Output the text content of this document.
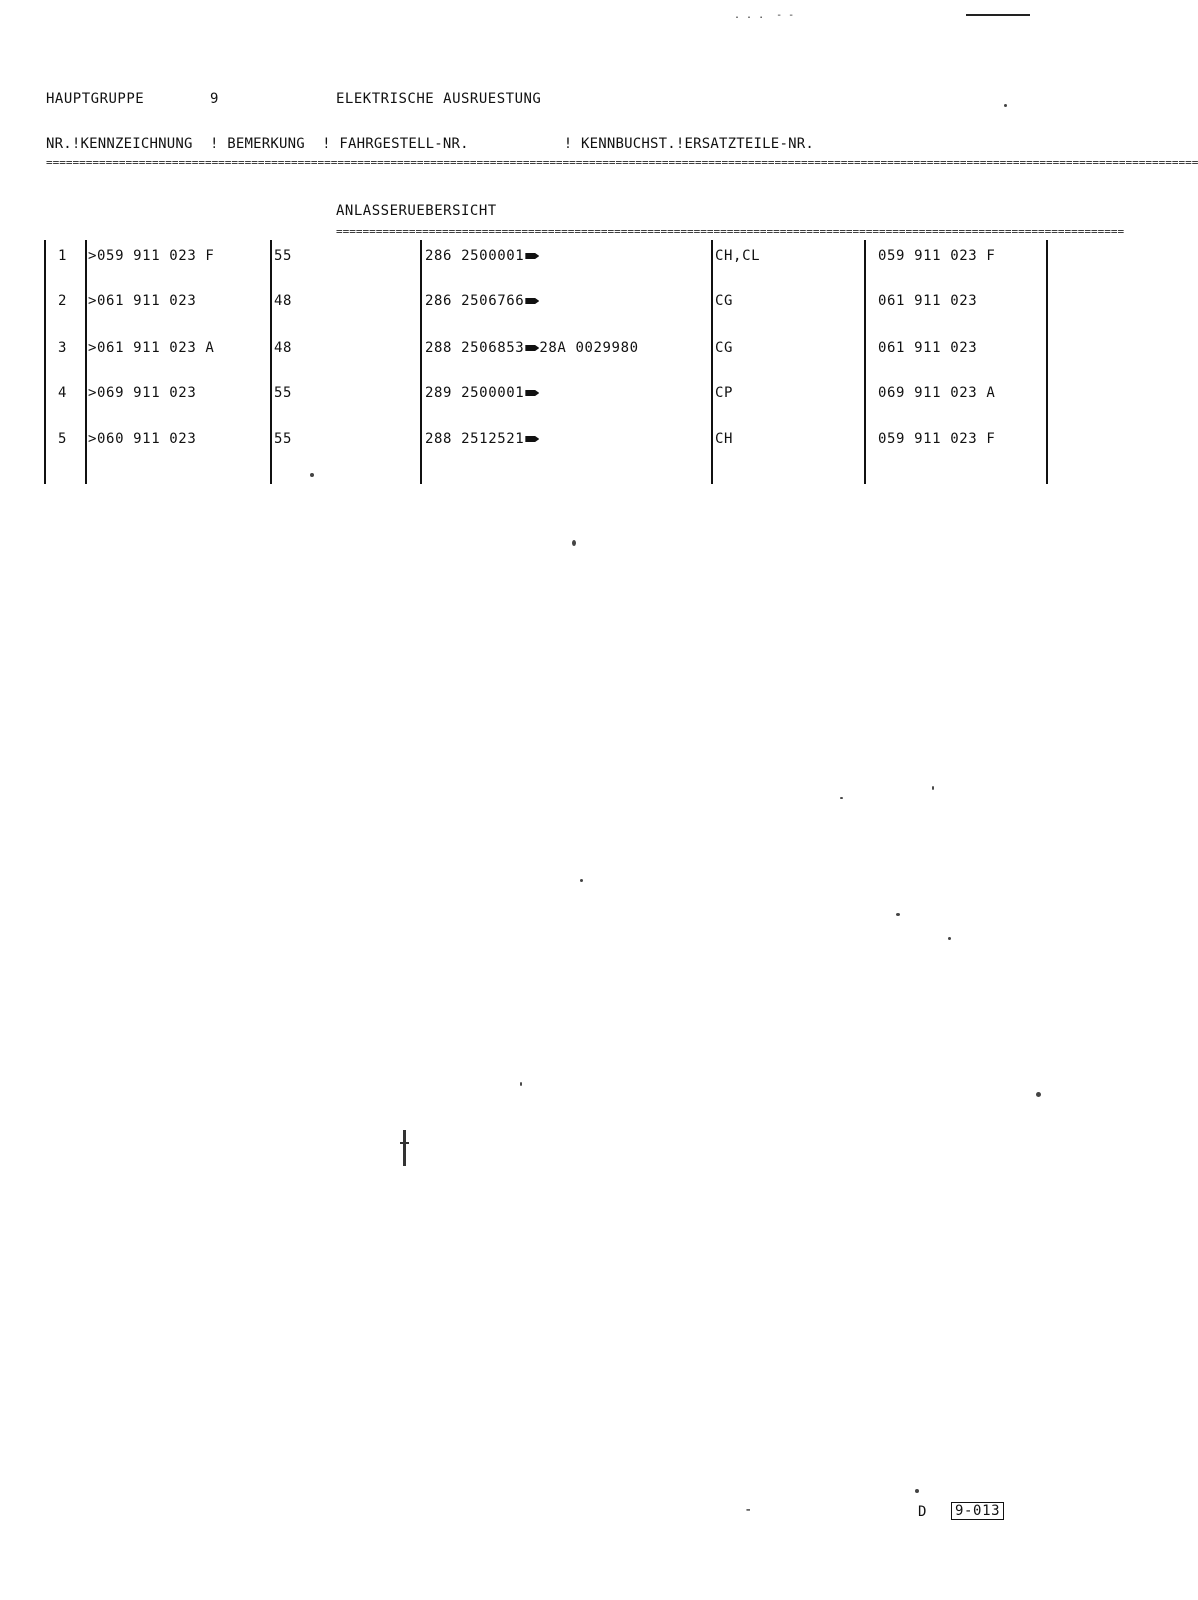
HAUPTGRUPPE	9	ELEKTRISCHE AUSRUESTUNG
NR.!KENNZEICHNUNG  ! BEMERKUNG  ! FAHRGESTELL-NR.           ! KENNBUCHST.!ERSATZTEILE-NR.
==============================================================================================================================================================================
ANLASSERUEBERSICHT
=======================================================================================================================
1 >059 911 023 F	55	286 2500001	CH,CL	059 911 023 F
2 >061 911 023	48	286 2506766	CG	061 911 023
3 >061 911 023 A	48	288 2506853 28A 0029980	CG	061 911 023
4 >069 911 023	55	289 2500001	CP	069 911 023 A
5 >060 911 023	55	288 2512521	CH	059 911 023 F
. . .  - -
-	D 9-013
